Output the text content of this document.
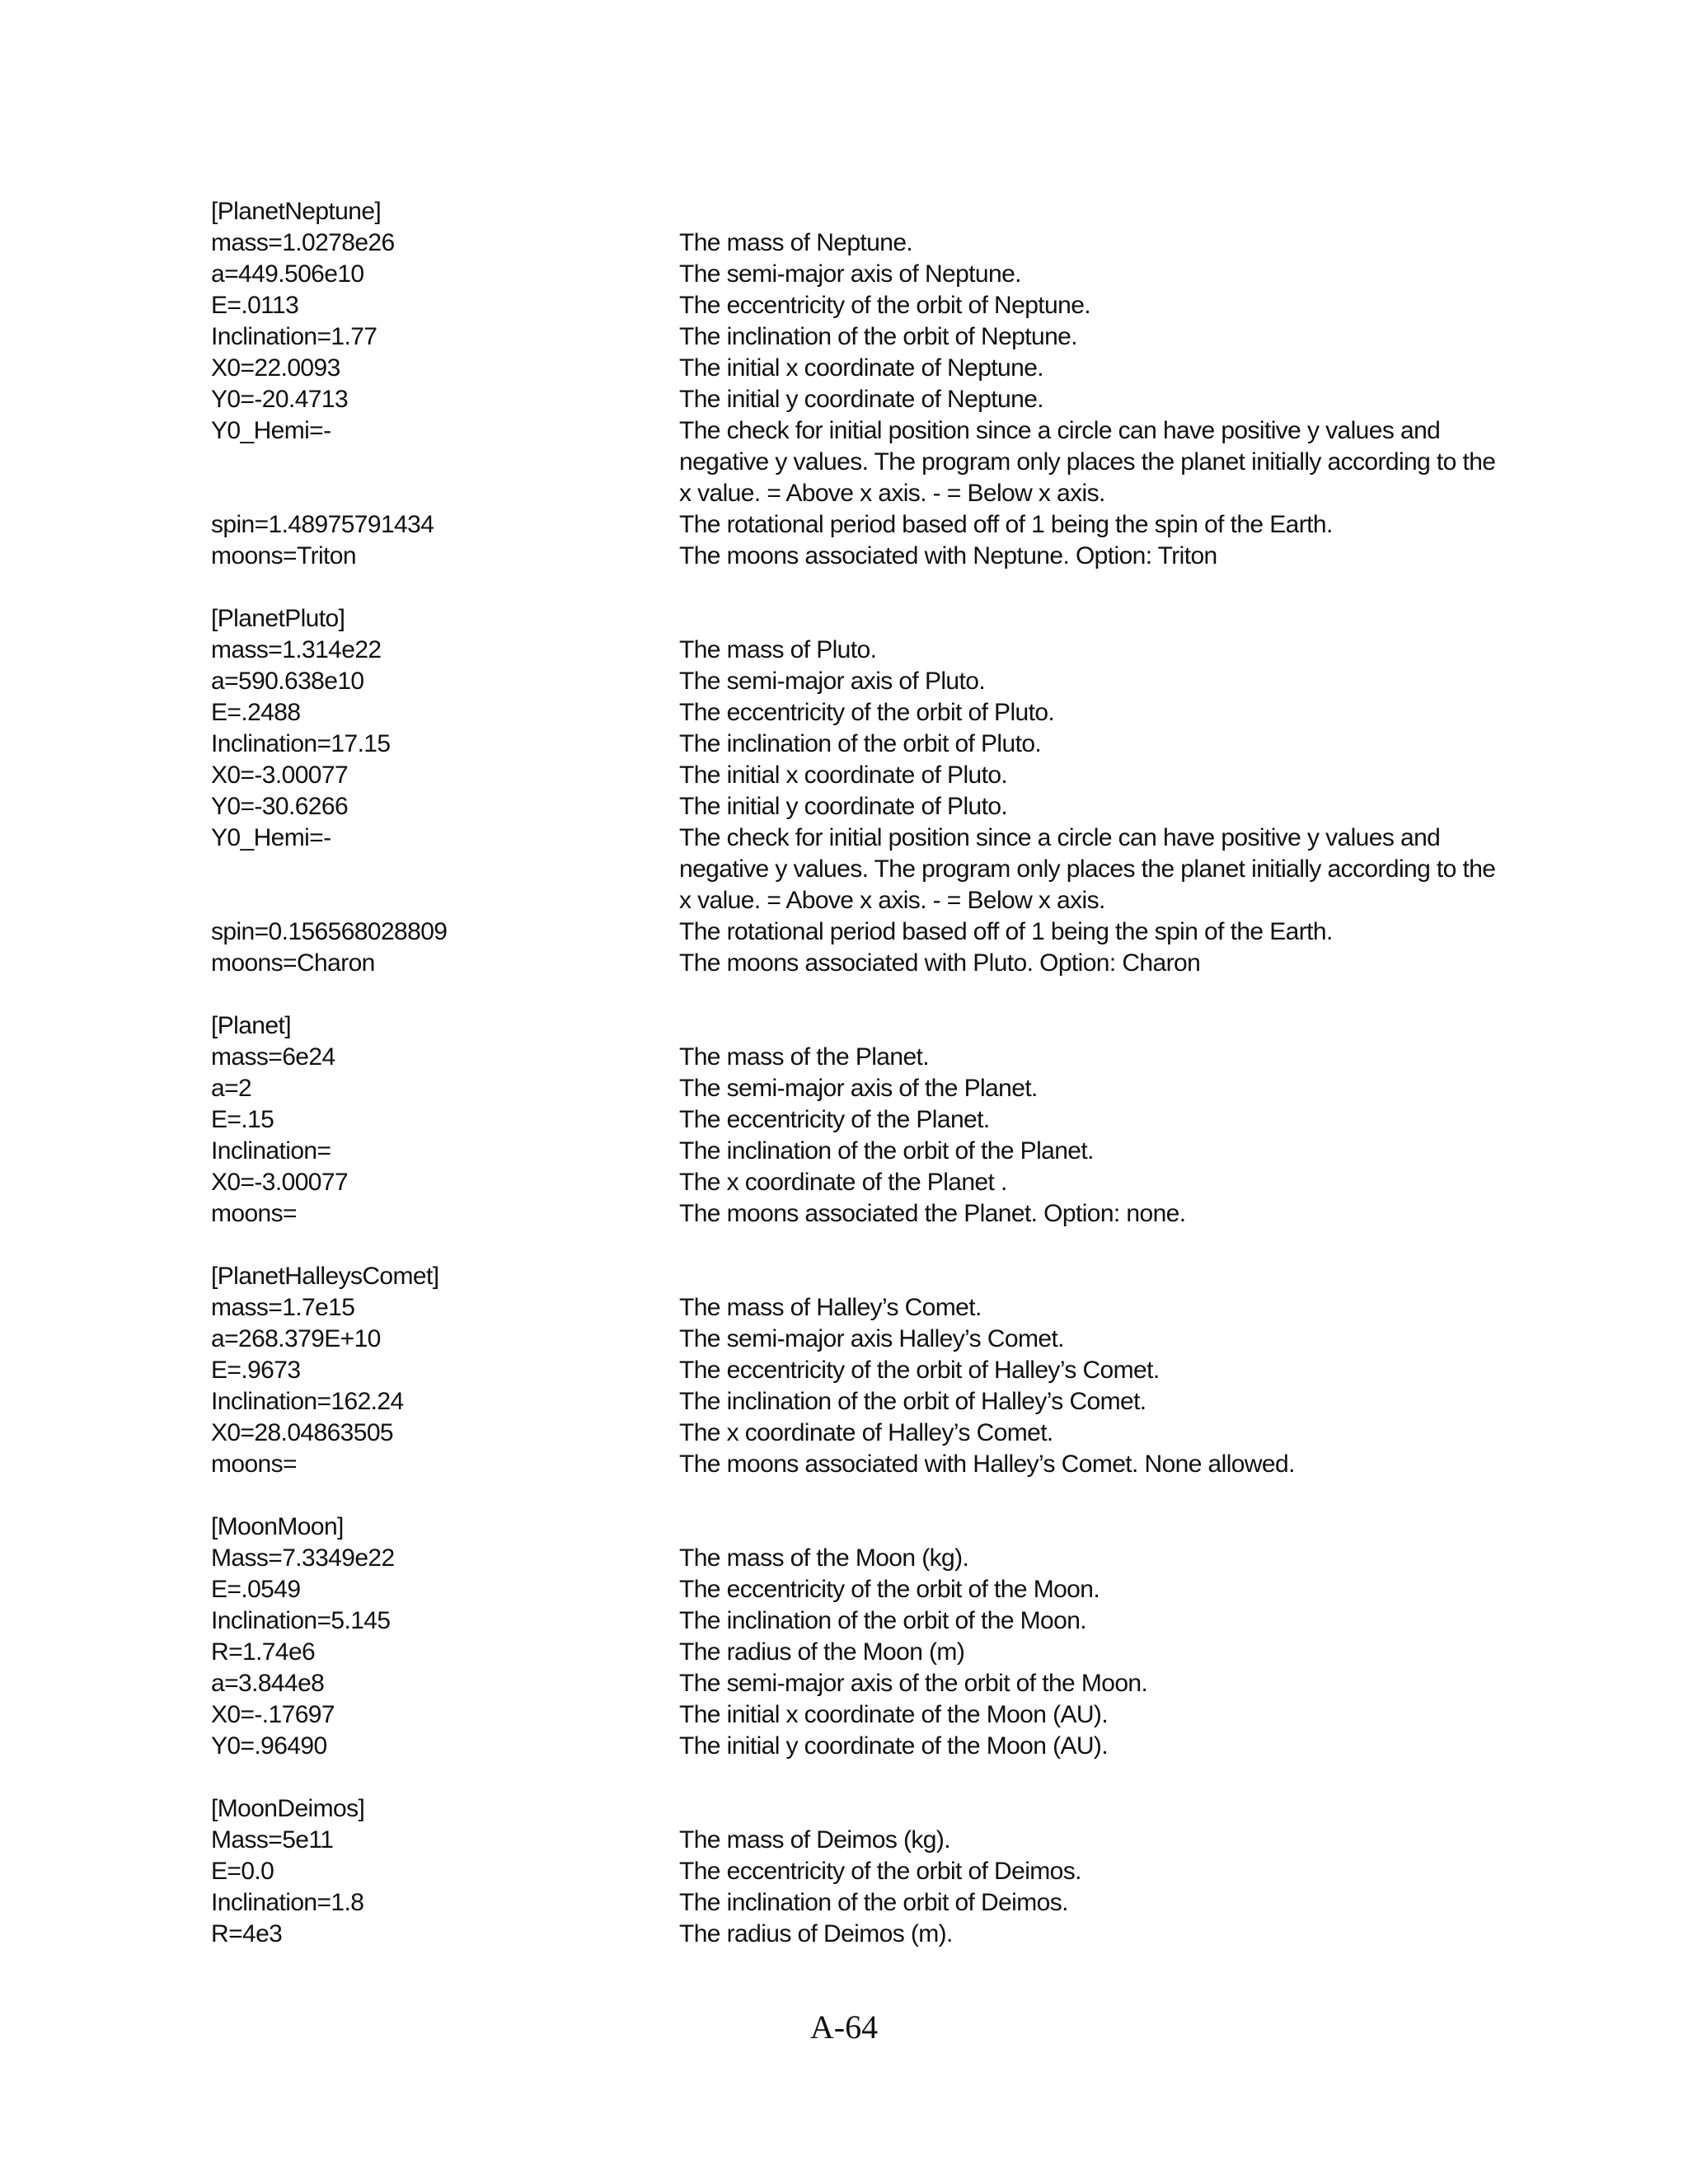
[PlanetNeptune]
mass=1.0278e26	The mass of Neptune.
a=449.506e10	The semi-major axis of Neptune.
E=.0113	The eccentricity of the orbit of Neptune.
Inclination=1.77	The inclination of the orbit of Neptune.
X0=22.0093	The initial x coordinate of Neptune.
Y0=-20.4713	The initial y coordinate of Neptune.
Y0_Hemi=-	The check for initial position since a circle can have positive y values and negative y values. The program only places the planet initially according to the x value. = Above x axis. - = Below x axis.
spin=1.48975791434	The rotational period based off of 1 being the spin of the Earth.
moons=Triton	The moons associated with Neptune. Option: Triton
[PlanetPluto]
mass=1.314e22	The mass of Pluto.
a=590.638e10	The semi-major axis of Pluto.
E=.2488	The eccentricity of the orbit of Pluto.
Inclination=17.15	The inclination of the orbit of Pluto.
X0=-3.00077	The initial x coordinate of Pluto.
Y0=-30.6266	The initial y coordinate of Pluto.
Y0_Hemi=-	The check for initial position since a circle can have positive y values and negative y values. The program only places the planet initially according to the x value. = Above x axis. - = Below x axis.
spin=0.156568028809	The rotational period based off of 1 being the spin of the Earth.
moons=Charon	The moons associated with Pluto. Option: Charon
[Planet]
mass=6e24	The mass of the Planet.
a=2	The semi-major axis of the Planet.
E=.15	The eccentricity of the Planet.
Inclination=	The inclination of the orbit of the Planet.
X0=-3.00077	The x coordinate of the Planet .
moons=	The moons associated the Planet. Option: none.
[PlanetHalleysComet]
mass=1.7e15	The mass of Halley’s Comet.
a=268.379E+10	The semi-major axis Halley’s Comet.
E=.9673	The eccentricity of the orbit of Halley’s Comet.
Inclination=162.24	The inclination of the orbit of Halley’s Comet.
X0=28.04863505	The x coordinate of Halley’s Comet.
moons=	The moons associated with Halley’s Comet. None allowed.
[MoonMoon]
Mass=7.3349e22	The mass of the Moon (kg).
E=.0549	The eccentricity of the orbit of the Moon.
Inclination=5.145	The inclination of the orbit of the Moon.
R=1.74e6	The radius of the Moon (m)
a=3.844e8	The semi-major axis of the orbit of the Moon.
X0=-.17697	The initial x coordinate of the Moon (AU).
Y0=.96490	The initial y coordinate of the Moon (AU).
[MoonDeimos]
Mass=5e11	The mass of Deimos (kg).
E=0.0	The eccentricity of the orbit of Deimos.
Inclination=1.8	The inclination of the orbit of Deimos.
R=4e3	The radius of Deimos (m).
A-64
